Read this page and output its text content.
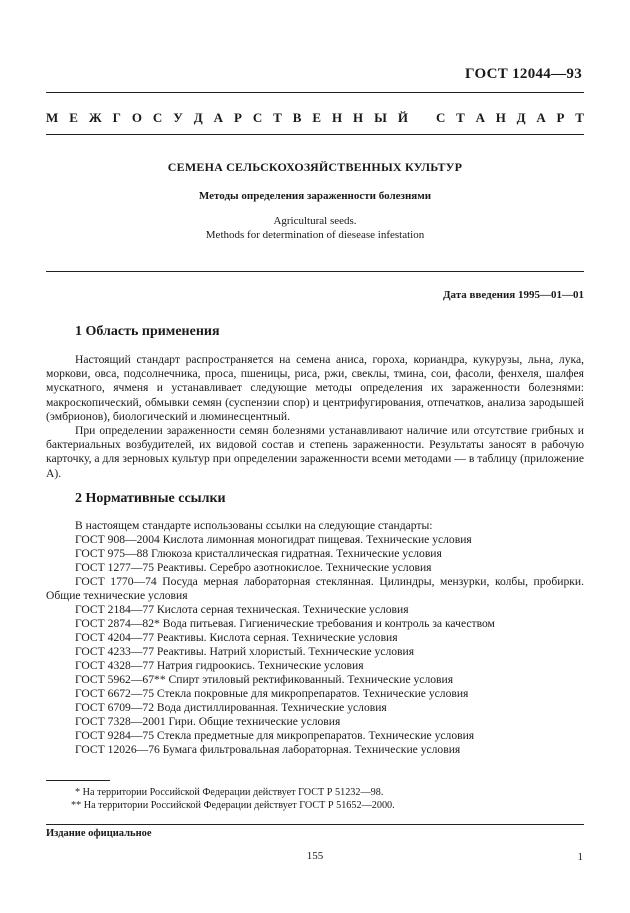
ГОСТ 12044—93
М Е Ж Г О С У Д А Р С Т В Е Н Н Ы Й С Т А Н Д А Р Т
СЕМЕНА СЕЛЬСКОХОЗЯЙСТВЕННЫХ КУЛЬТУР
Методы определения зараженности болезнями
Agricultural seeds.
Methods for determination of diesease infestation
Дата введения 1995—01—01
1 Область применения

Настоящий стандарт распространяется на семена аниса, гороха, кориандра, кукурузы, льна, лука, моркови, овса, подсолнечника, проса, пшеницы, риса, ржи, свеклы, тмина, сои, фасоли, фенхеля, шалфея мускатного, ячменя и устанавливает следующие методы определения их зараженности болезнями: макроскопический, обмывки семян (суспензии спор) и центрифугирования, отпечатков, анализа зародышей (эмбрионов), биологический и люминесцентный.

При определении зараженности семян болезнями устанавливают наличие или отсутствие грибных и бактериальных возбудителей, их видовой состав и степень зараженности. Результаты заносят в рабочую карточку, а для зерновых культур при определении зараженности всеми методами — в таблицу (приложение А).

2 Нормативные ссылки
В настоящем стандарте использованы ссылки на следующие стандарты:
ГОСТ 908—2004 Кислота лимонная моногидрат пищевая. Технические условия
ГОСТ 975—88 Глюкоза кристаллическая гидратная. Технические условия
ГОСТ 1277—75 Реактивы. Серебро азотнокислое. Технические условия
ГОСТ 1770—74 Посуда мерная лабораторная стеклянная. Цилиндры, мензурки, колбы, пробирки. Общие технические условия
ГОСТ 2184—77 Кислота серная техническая. Технические условия
ГОСТ 2874—82* Вода питьевая. Гигиенические требования и контроль за качеством
ГОСТ 4204—77 Реактивы. Кислота серная. Технические условия
ГОСТ 4233—77 Реактивы. Натрий хлористый. Технические условия
ГОСТ 4328—77 Натрия гидроокись. Технические условия
ГОСТ 5962—67** Спирт этиловый ректификованный. Технические условия
ГОСТ 6672—75 Стекла покровные для микропрепаратов. Технические условия
ГОСТ 6709—72 Вода дистиллированная. Технические условия
ГОСТ 7328—2001 Гири. Общие технические условия
ГОСТ 9284—75 Стекла предметные для микропрепаратов. Технические условия
ГОСТ 12026—76 Бумага фильтровальная лабораторная. Технические условия
* На территории Российской Федерации действует ГОСТ Р 51232—98.
** На территории Российской Федерации действует ГОСТ Р 51652—2000.
Издание официальное
155	1
